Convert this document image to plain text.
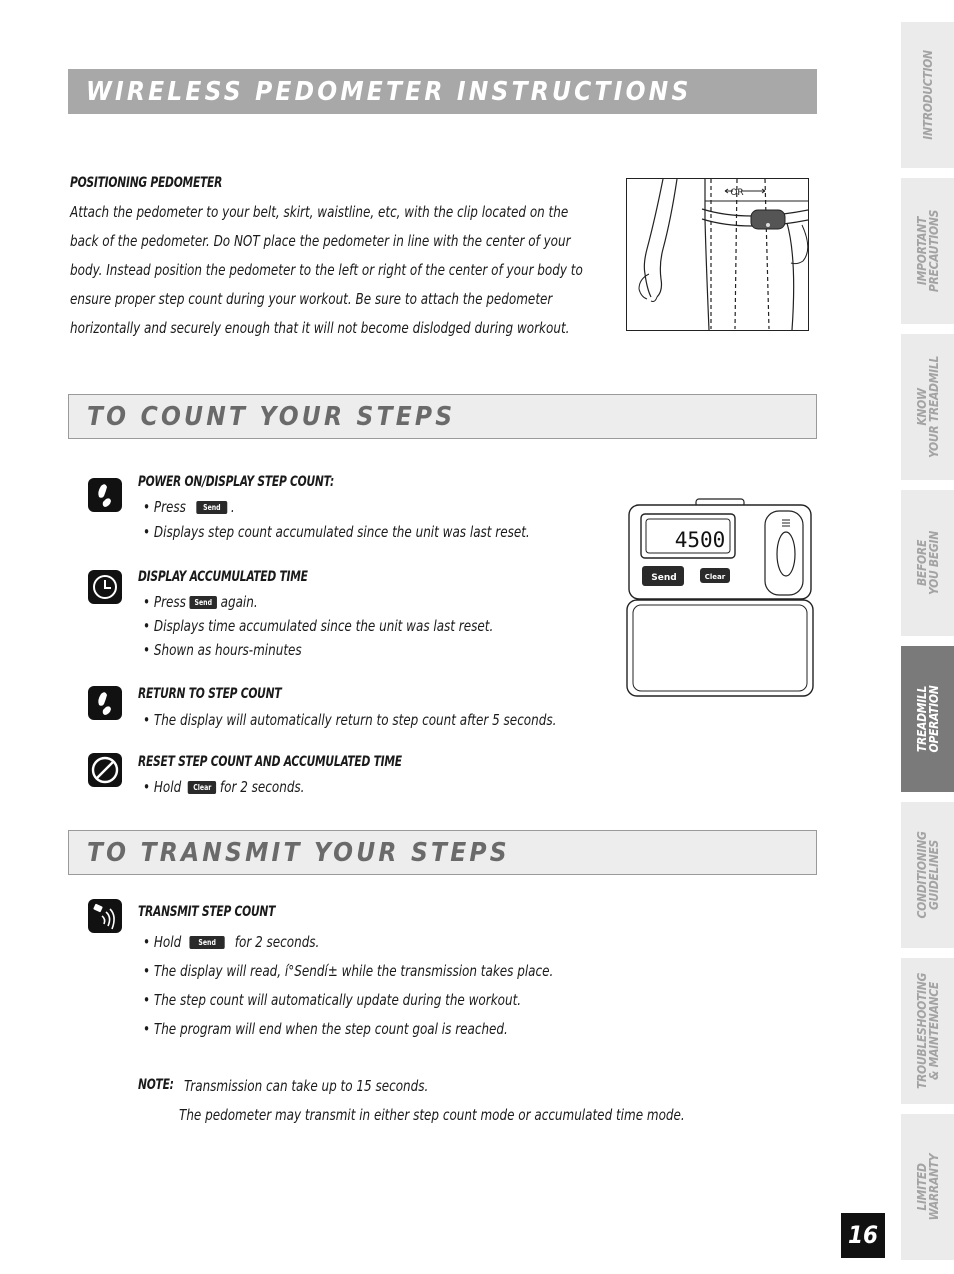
WIRELESS PEDOMETER INSTRUCTIONS
TO COUNT YOUR STEPS
TO TRANSMIT YOUR STEPS
POSITIONING PEDOMETER
Attach the pedometer to your belt, skirt, waistline, etc, with the clip located on the
back of the pedometer. Do NOT place the pedometer in line with the center of your
body. Instead position the pedometer to the left or right of the center of your body to
ensure proper step count during your workout. Be sure to attach the pedometer
horizontally and securely enough that it will not become dislodged during workout.
OR
POWER ON/DISPLAY STEP COUNT:
• Press Send .
• Displays step count accumulated since the unit was last reset.
DISPLAY ACCUMULATED TIME
• Press Send again.
• Displays time accumulated since the unit was last reset.
• Shown as hours-minutes
RETURN TO STEP COUNT
• The display will automatically return to step count after 5 seconds.
RESET STEP COUNT AND ACCUMULATED TIME
• Hold Clear for 2 seconds.
TRANSMIT STEP COUNT
• Hold Send for 2 seconds.
• The display will read, í°Sendí± while the transmission takes place.
• The step count will automatically update during the workout.
• The program will end when the step count goal is reached.
NOTE: Transmission can take up to 15 seconds.
The pedometer may transmit in either step count mode or accumulated time mode.
4500
Send	Clear
INTRODUCTION
IMPORTANT
PRECAUTIONS
KNOW
YOUR TREADMILL
BEFORE
YOU BEGIN
TREADMILL
OPERATION
CONDITIONING
GUIDELINES
TROUBLESHOOTING
& MAINTENANCE
LIMITED
WARRANTY
16
